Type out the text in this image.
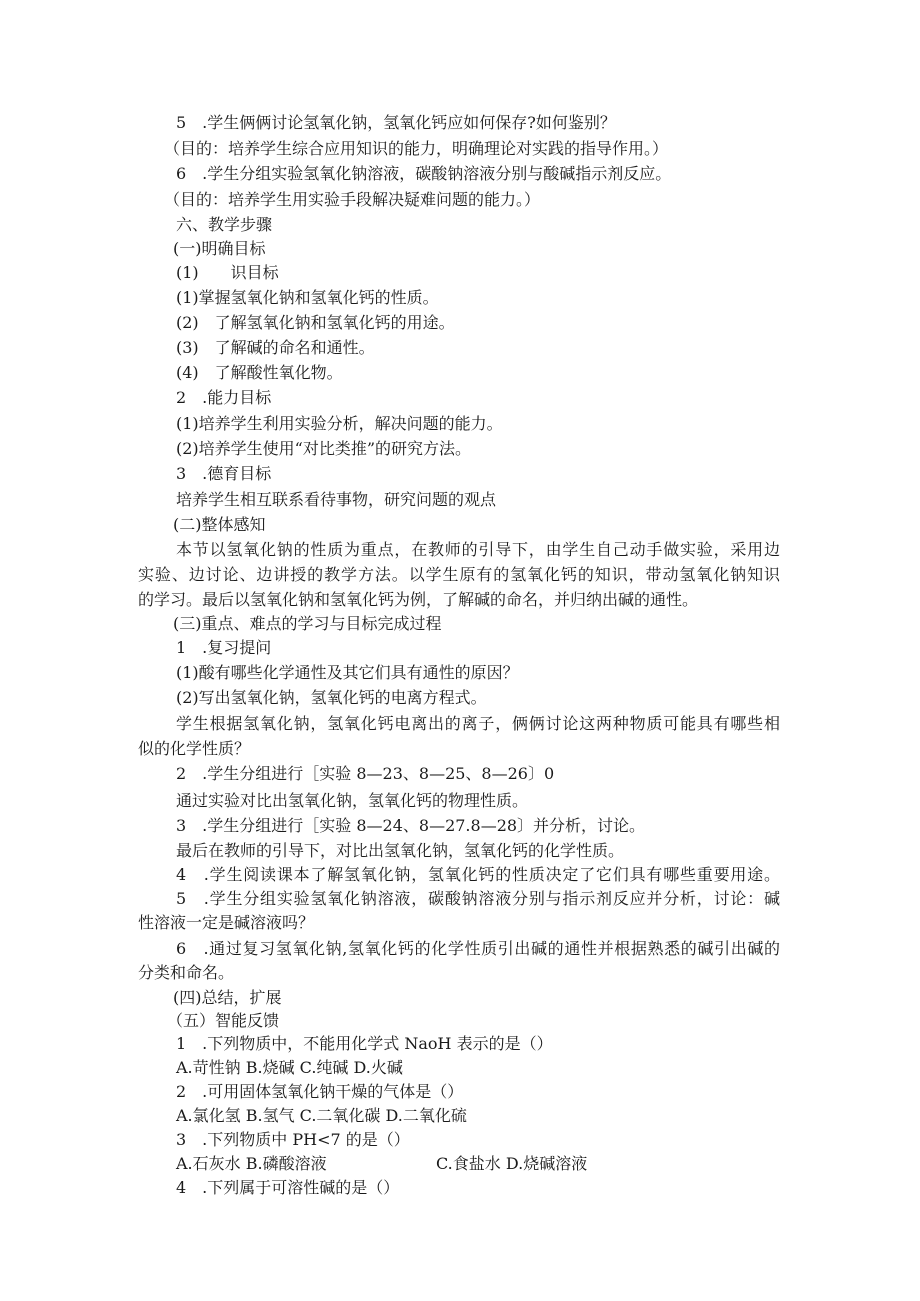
5　.学生俩俩讨论氢氧化钠，氢氧化钙应如何保存?如何鉴别？
（目的：培养学生综合应用知识的能力，明确理论对实践的指导作用。）
6　.学生分组实验氢氧化钠溶液，碳酸钠溶液分别与酸碱指示剂反应。
（目的：培养学生用实验手段解决疑难问题的能力。）
六、教学步骤
(一)明确目标
(1)　　识目标
(1)掌握氢氧化钠和氢氧化钙的性质。
(2)　了解氢氧化钠和氢氧化钙的用途。
(3)　了解碱的命名和通性。
(4)　了解酸性氧化物。
2　.能力目标
(1)培养学生利用实验分析，解决问题的能力。
(2)培养学生使用“对比类推”的研究方法。
3　.德育目标
培养学生相互联系看待事物，研究问题的观点
(二)整体感知
本节以氢氧化钠的性质为重点，在教师的引导下，由学生自己动手做实验，采用边
实验、边讨论、边讲授的教学方法。以学生原有的氢氧化钙的知识，带动氢氧化钠知识
的学习。最后以氢氧化钠和氢氧化钙为例，了解碱的命名，并归纳出碱的通性。
(三)重点、难点的学习与目标完成过程
1　.复习提问
(1)酸有哪些化学通性及其它们具有通性的原因？
(2)写出氢氧化钠，氢氧化钙的电离方程式。
学生根据氢氧化钠，氢氧化钙电离出的离子，俩俩讨论这两种物质可能具有哪些相
似的化学性质？
2　.学生分组进行［实验 8—23、8—25、8—26〕0
通过实验对比出氢氧化钠，氢氧化钙的物理性质。
3　.学生分组进行［实验 8—24、8—27.8—28〕并分析，讨论。
最后在教师的引导下，对比出氢氧化钠，氢氧化钙的化学性质。
4　.学生阅读课本了解氢氧化钠，氢氧化钙的性质决定了它们具有哪些重要用途。
5　.学生分组实验氢氧化钠溶液，碳酸钠溶液分别与指示剂反应并分析，讨论：碱
性溶液一定是碱溶液吗？
6　.通过复习氢氧化钠,氢氧化钙的化学性质引出碱的通性并根据熟悉的碱引出碱的
分类和命名。
(四)总结，扩展
（五）智能反馈
1　.下列物质中，不能用化学式 NaoH 表示的是（）
A.苛性钠 B.烧碱 C.纯碱 D.火碱
2　.可用固体氢氧化钠干燥的气体是（）
A.氯化氢 B.氢气 C.二氧化碳 D.二氧化硫
3　.下列物质中 PH<7 的是（）
A.石灰水 B.磷酸溶液	C.食盐水 D.烧碱溶液
4　.下列属于可溶性碱的是（）
